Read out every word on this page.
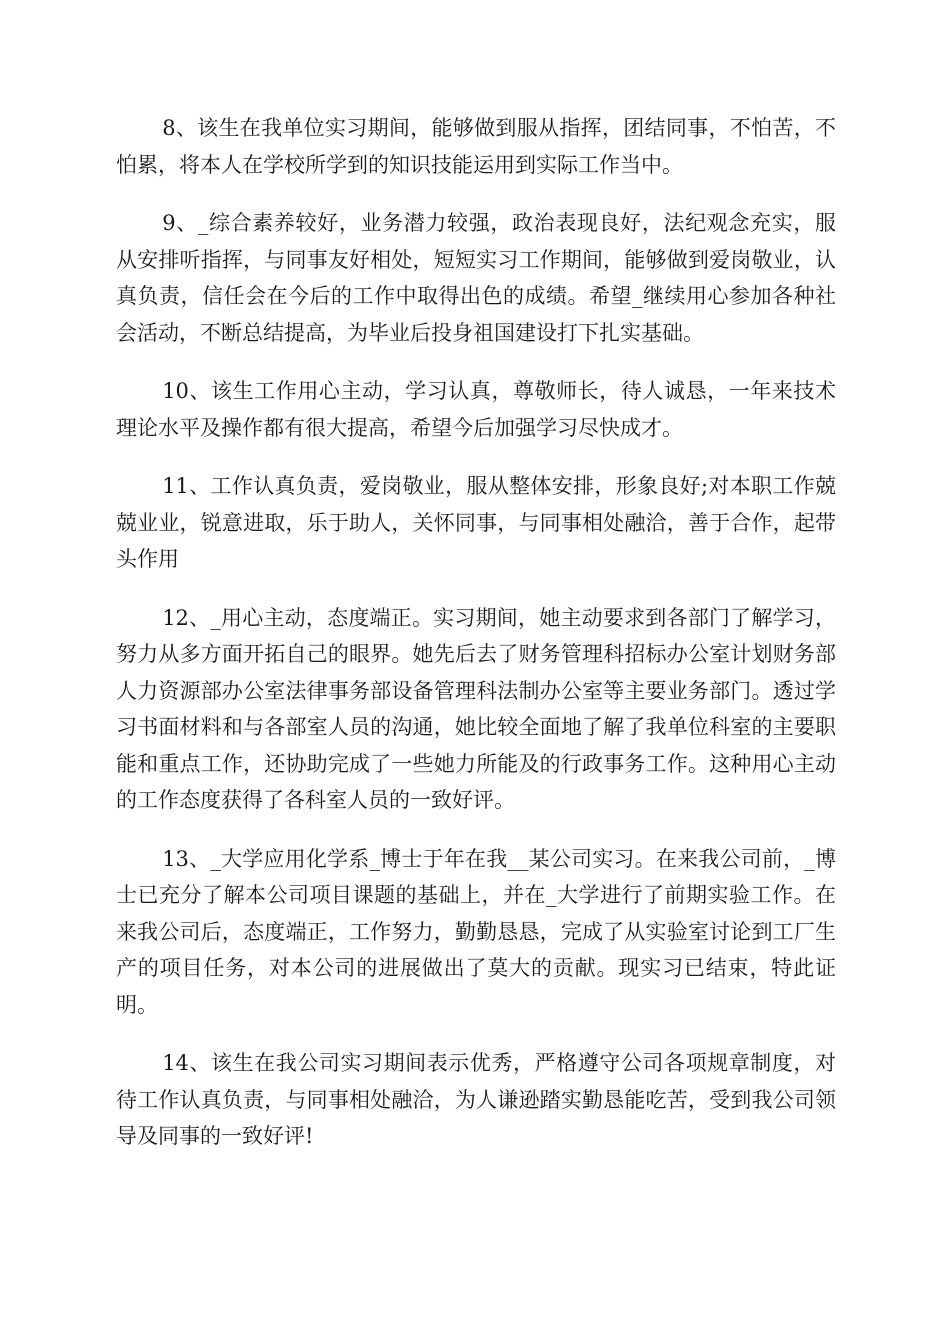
8、该生在我单位实习期间，能够做到服从指挥，团结同事，不怕苦，不怕累，将本人在学校所学到的知识技能运用到实际工作当中。

9、_综合素养较好，业务潜力较强，政治表现良好，法纪观念充实，服从安排听指挥，与同事友好相处，短短实习工作期间，能够做到爱岗敬业，认真负责，信任会在今后的工作中取得出色的成绩。希望_继续用心参加各种社会活动，不断总结提高，为毕业后投身祖国建设打下扎实基础。

10、该生工作用心主动，学习认真，尊敬师长，待人诚恳，一年来技术理论水平及操作都有很大提高，希望今后加强学习尽快成才。

11、工作认真负责，爱岗敬业，服从整体安排，形象良好;对本职工作兢兢业业，锐意进取，乐于助人，关怀同事，与同事相处融洽，善于合作，起带头作用

12、_用心主动，态度端正。实习期间，她主动要求到各部门了解学习，努力从多方面开拓自己的眼界。她先后去了财务管理科招标办公室计划财务部人力资源部办公室法律事务部设备管理科法制办公室等主要业务部门。透过学习书面材料和与各部室人员的沟通，她比较全面地了解了我单位科室的主要职能和重点工作，还协助完成了一些她力所能及的行政事务工作。这种用心主动的工作态度获得了各科室人员的一致好评。

13、_大学应用化学系_博士于年在我__某公司实习。在来我公司前，_博士已充分了解本公司项目课题的基础上，并在_大学进行了前期实验工作。在来我公司后，态度端正，工作努力，勤勤恳恳，完成了从实验室讨论到工厂生产的项目任务，对本公司的进展做出了莫大的贡献。现实习已结束，特此证明。

14、该生在我公司实习期间表示优秀，严格遵守公司各项规章制度，对待工作认真负责，与同事相处融洽，为人谦逊踏实勤恳能吃苦，受到我公司领导及同事的一致好评!
